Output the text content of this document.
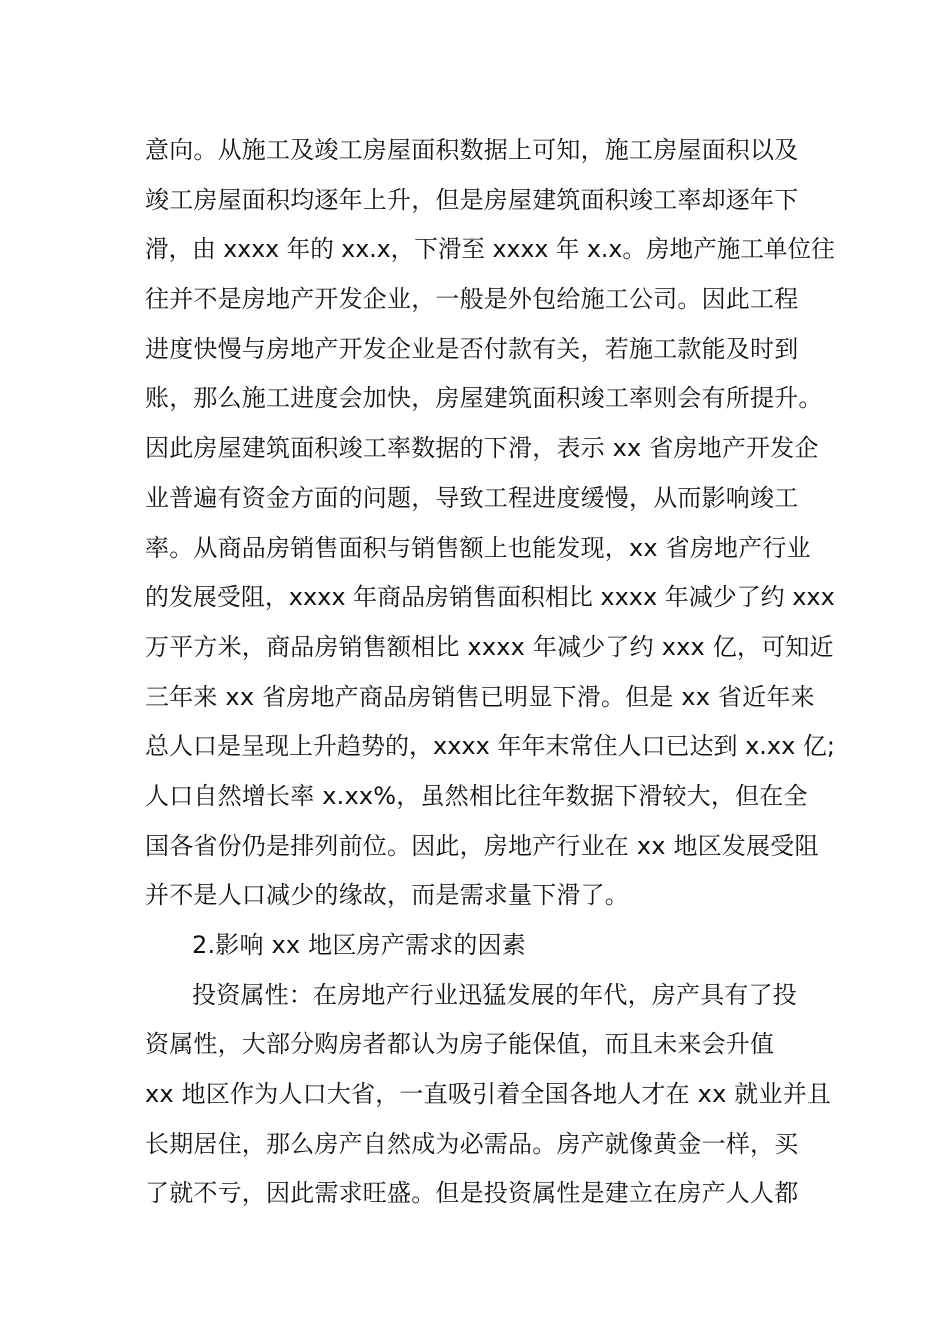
意向。从施工及竣工房屋面积数据上可知，施工房屋面积以及
竣工房屋面积均逐年上升，但是房屋建筑面积竣工率却逐年下
滑，由 xxxx 年的 xx.x，下滑至 xxxx 年 x.x。房地产施工单位往
往并不是房地产开发企业，一般是外包给施工公司。因此工程
进度快慢与房地产开发企业是否付款有关，若施工款能及时到
账，那么施工进度会加快，房屋建筑面积竣工率则会有所提升。
因此房屋建筑面积竣工率数据的下滑，表示 xx 省房地产开发企
业普遍有资金方面的问题，导致工程进度缓慢，从而影响竣工
率。从商品房销售面积与销售额上也能发现，xx 省房地产行业
的发展受阻，xxxx 年商品房销售面积相比 xxxx 年减少了约 xxx
万平方米，商品房销售额相比 xxxx 年减少了约 xxx 亿，可知近
三年来 xx 省房地产商品房销售已明显下滑。但是 xx 省近年来
总人口是呈现上升趋势的，xxxx 年年末常住人口已达到 x.xx 亿;
人口自然增长率 x.xx%，虽然相比往年数据下滑较大，但在全
国各省份仍是排列前位。因此，房地产行业在 xx 地区发展受阻
并不是人口减少的缘故，而是需求量下滑了。
2.影响 xx 地区房产需求的因素
投资属性：在房地产行业迅猛发展的年代，房产具有了投
资属性，大部分购房者都认为房子能保值，而且未来会升值
xx 地区作为人口大省，一直吸引着全国各地人才在 xx 就业并且
长期居住，那么房产自然成为必需品。房产就像黄金一样，买
了就不亏，因此需求旺盛。但是投资属性是建立在房产人人都
